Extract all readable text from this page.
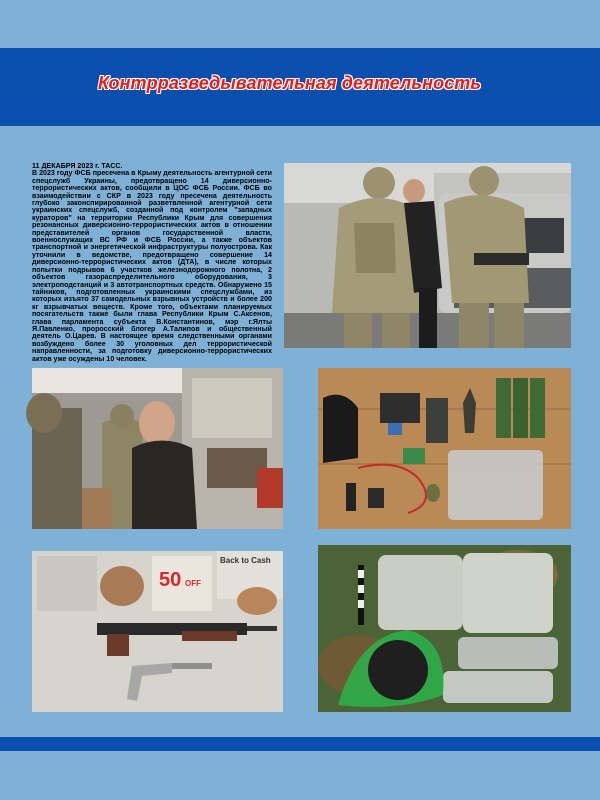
Контрразведывательная деятельность
11 ДЕКАБРЯ 2023 г. ТАСС.
В 2023 году ФСБ пресечена в Крыму деятельность агентурной сети спецслужб Украины, предотвращено 14 диверсионно-террористических актов, сообщили в ЦОС ФСБ России. ФСБ во взаимодействии с СКР в 2023 году пресечена деятельность глубоко законспирированной разветвленной агентурной сети украинских спецслужб, созданной под контролем "западных кураторов" на территории Республики Крым для совершения резонансных диверсионно-террористических актов в отношении представителей органов государственной власти, военнослужащих ВС РФ и ФСБ России, а также объектов транспортной и энергетической инфраструктуры полуострова. Как уточнили в ведомстве, предотвращено совершение 14 диверсионно-террористических актов (ДТА), в числе которых попытки подрывов 6 участков железнодорожного полотна, 2 объектов газораспределительного оборудования, 3 электроподстанций и 3 автотранспортных средств. Обнаружено 15 тайников, подготовленных украинскими спецслужбами, из которых изъято 37 самодельных взрывных устройств и более 200 кг взрывчатых веществ. Кроме того, объектами планируемых посягательств также были глава Республики Крым С.Аксенов, глава парламента субъекта В.Константинов, мэр г.Ялты Я.Павленко, проросский блогер А.Талипов и общественный деятель О.Царев. В настоящее время следственными органами возбуждено более 30 уголовных дел террористической направленности, за подготовку диверсионно-террористических актов уже осуждены 10 человек.
50 OFF
Back to Cash
